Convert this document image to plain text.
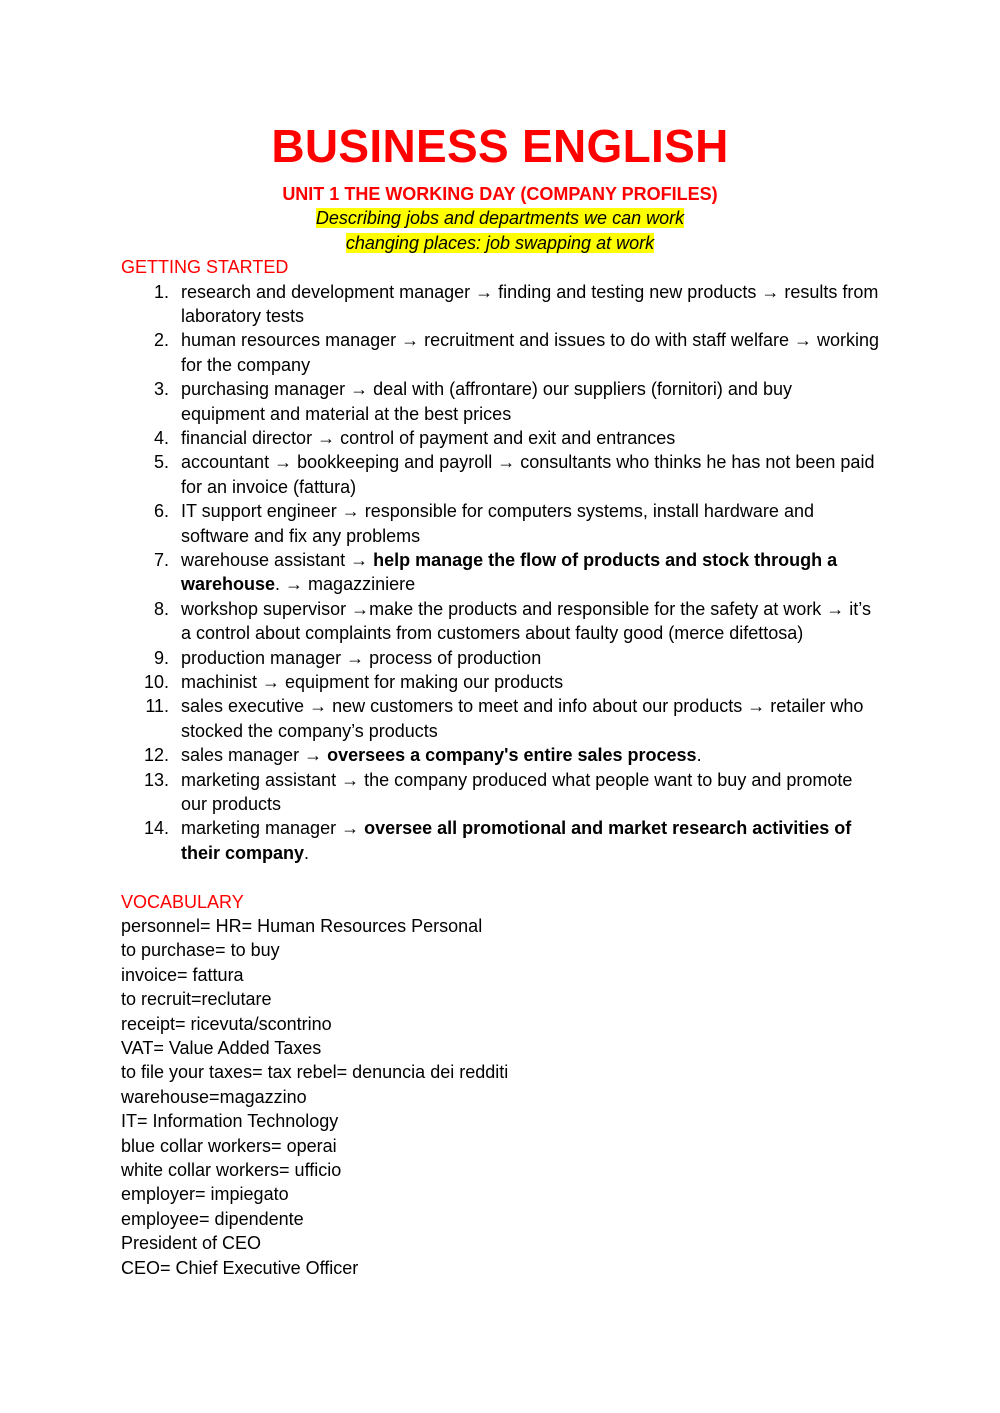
BUSINESS ENGLISH
UNIT 1 THE WORKING DAY (COMPANY PROFILES)
Describing jobs and departments we can work
changing places: job swapping at work
GETTING STARTED
1. research and development manager → finding and testing new products → results from laboratory tests
2. human resources manager → recruitment and issues to do with staff welfare → working for the company
3. purchasing manager → deal with (affrontare) our suppliers (fornitori) and buy equipment and material at the best prices
4. financial director → control of payment and exit and entrances
5. accountant → bookkeeping and payroll → consultants who thinks he has not been paid for an invoice (fattura)
6. IT support engineer → responsible for computers systems, install hardware and software and fix any problems
7. warehouse assistant → help manage the flow of products and stock through a warehouse. → magazziniere
8. workshop supervisor →make the products and responsible for the safety at work → it’s a control about complaints from customers about faulty good (merce difettosa)
9. production manager → process of production
10. machinist → equipment for making our products
11. sales executive → new customers to meet and info about our products → retailer who stocked the company’s products
12. sales manager → oversees a company's entire sales process.
13. marketing assistant → the company produced what people want to buy and promote our products
14. marketing manager → oversee all promotional and market research activities of their company.
VOCABULARY
personnel= HR= Human Resources Personal
to purchase= to buy
invoice= fattura
to recruit=reclutare
receipt= ricevuta/scontrino
VAT= Value Added Taxes
to file your taxes= tax rebel= denuncia dei redditi
warehouse=magazzino
IT= Information Technology
blue collar workers= operai
white collar workers= ufficio
employer= impiegato
employee= dipendente
President of CEO
CEO= Chief Executive Officer
